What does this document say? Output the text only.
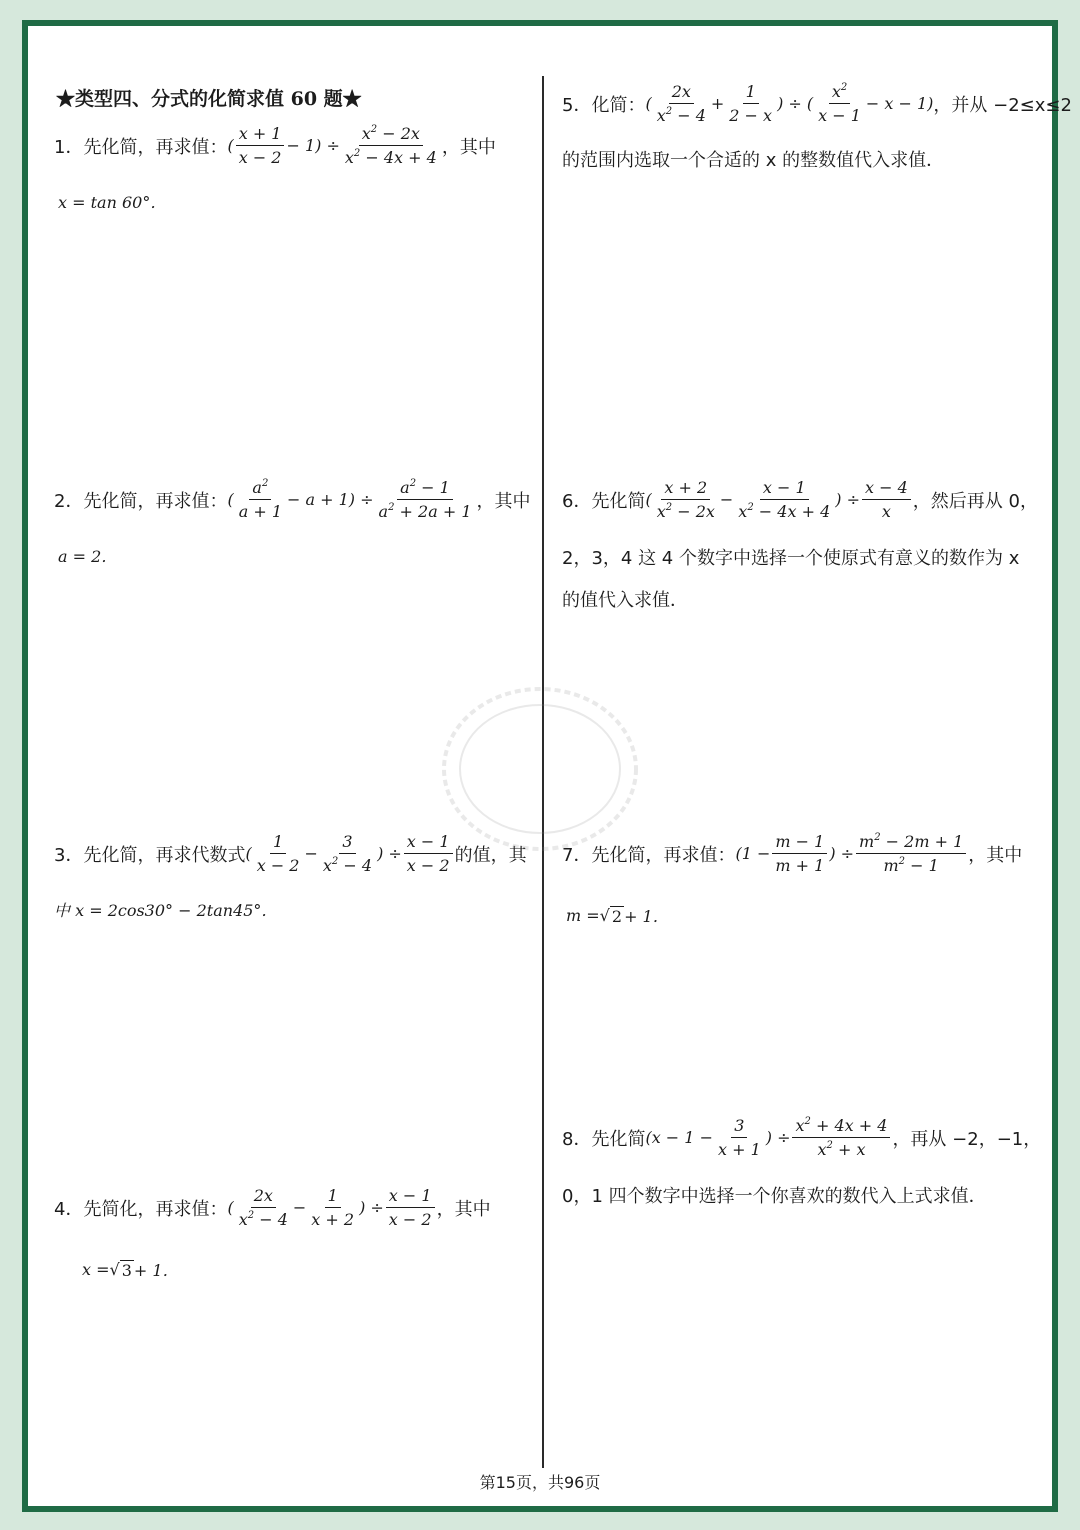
★类型四、分式的化简求值 60 题★
1． 先化简，再求值： ( $\frac{x + 1}{x - 2} - 1) \div \frac{x^2 - 2x}{x^2 - 4x + 4}$ ，其中
x = tan 60°．
2． 先化简，再求值： ( $\frac{a^2}{a + 1} - a + 1) \div \frac{a^2 - 1}{a^2 + 2a + 1}$ ，其中
a = 2．
3． 先化简，再求代数式 ( $\frac{1}{x - 2} - \frac{3}{x^2 - 4}$ ) ÷ $\frac{x - 1}{x - 2}$ 的值，其
中 x = 2cos30° − 2tan45°．
4． 先简化，再求值： ( $\frac{2x}{x^2 - 4} - \frac{1}{x + 2}$ ) ÷ $\frac{x - 1}{x - 2}$ ，其中
x = √ 3 + 1．
5． 化简： ( $\frac{2x}{x^2 - 4} + \frac{1}{2 - x}$ ) ÷ ( $\frac{x^2}{x - 1} - x - 1$) ，并从 −2≤x≤2
的范围内选取一个合适的 x 的整数值代入求值．
6． 先化简 ( $\frac{x + 2}{x^2 - 2x} - \frac{x - 1}{x^2 - 4x + 4}$ ) ÷ $\frac{x - 4}{x}$ ，然后再从 0，
2，3，4 这 4 个数字中选择一个使原式有意义的数作为 x
的值代入求值．
7． 先化简，再求值： ($1 - \frac{m - 1}{m + 1}$ ) ÷ $\frac{m^2 - 2m + 1}{m^2 - 1}$ ，其中
m = √ 2 + 1．
8． 先化简 ($x - 1 - \frac{3}{x + 1}$ ) ÷ $\frac{x^2 + 4x + 4}{x^2 + x}$ ，再从 −2，−1，
0，1 四个数字中选择一个你喜欢的数代入上式求值．
第15页，共96页
